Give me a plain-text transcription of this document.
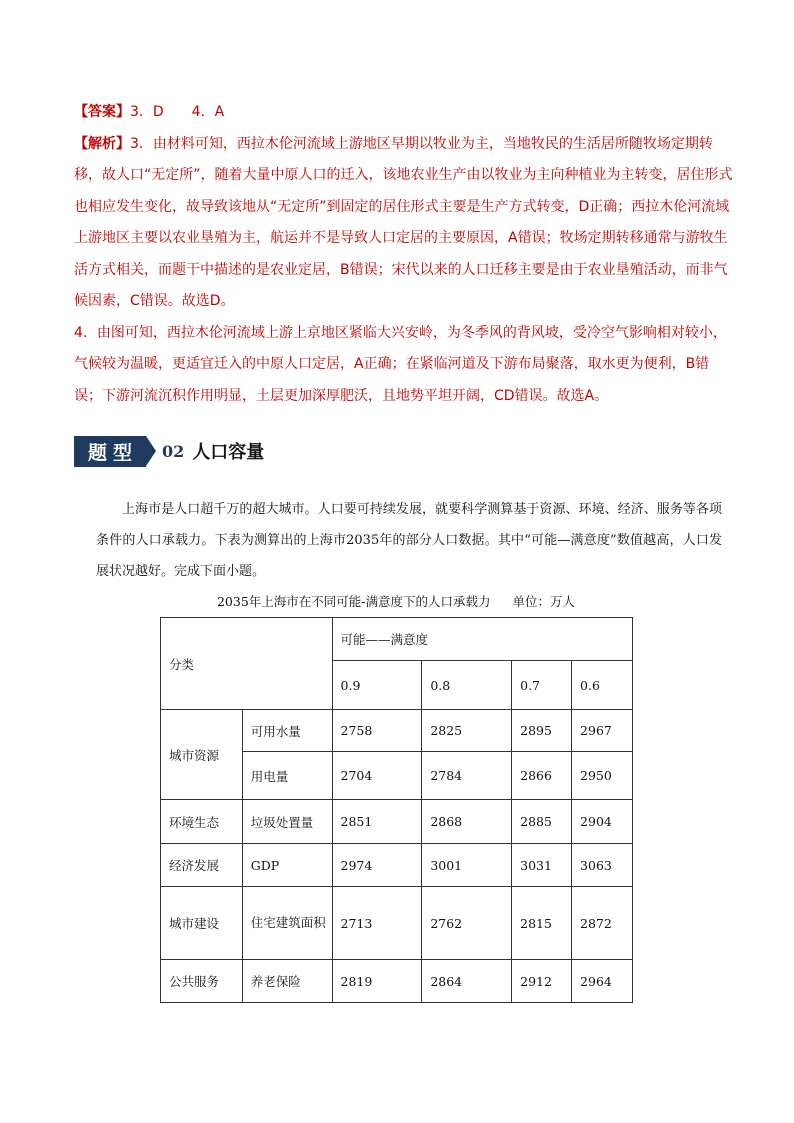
【答案】3．D　　4．A

【解析】3．由材料可知，西拉木伦河流域上游地区早期以牧业为主，当地牧民的生活居所随牧场定期转移，故人口“无定所”，随着大量中原人口的迁入，该地农业生产由以牧业为主向种植业为主转变，居住形式也相应发生变化，故导致该地从“无定所”到固定的居住形式主要是生产方式转变，D正确；西拉木伦河流域上游地区主要以农业垦殖为主，航运并不是导致人口定居的主要原因，A错误；牧场定期转移通常与游牧生活方式相关，而题干中描述的是农业定居，B错误；宋代以来的人口迁移主要是由于农业垦殖活动，而非气候因素，C错误。故选D。

4．由图可知，西拉木伦河流域上游上京地区紧临大兴安岭，为冬季风的背风坡，受冷空气影响相对较小，气候较为温暖，更适宜迁入的中原人口定居，A正确；在紧临河道及下游布局聚落，取水更为便利，B错误；下游河流沉积作用明显，土层更加深厚肥沃，且地势平坦开阔，CD错误。故选A。

题型	02 人口容量

上海市是人口超千万的超大城市。人口要可持续发展，就要科学测算基于资源、环境、经济、服务等各项条件的人口承载力。下表为测算出的上海市2035年的部分人口数据。其中“可能—满意度”数值越高，人口发展状况越好。完成下面小题。

2035年上海市在不同可能-满意度下的人口承载力 单位：万人
分类		可能——满意度			
		0.9	0.8	0.7	0.6
城市资源	可用水量	2758	2825	2895	2967
	用电量	2704	2784	2866	2950
环境生态	垃圾处置量	2851	2868	2885	2904
经济发展	GDP	2974	3001	3031	3063
城市建设	住宅建筑面积	2713	2762	2815	2872
公共服务	养老保险	2819	2864	2912	2964
